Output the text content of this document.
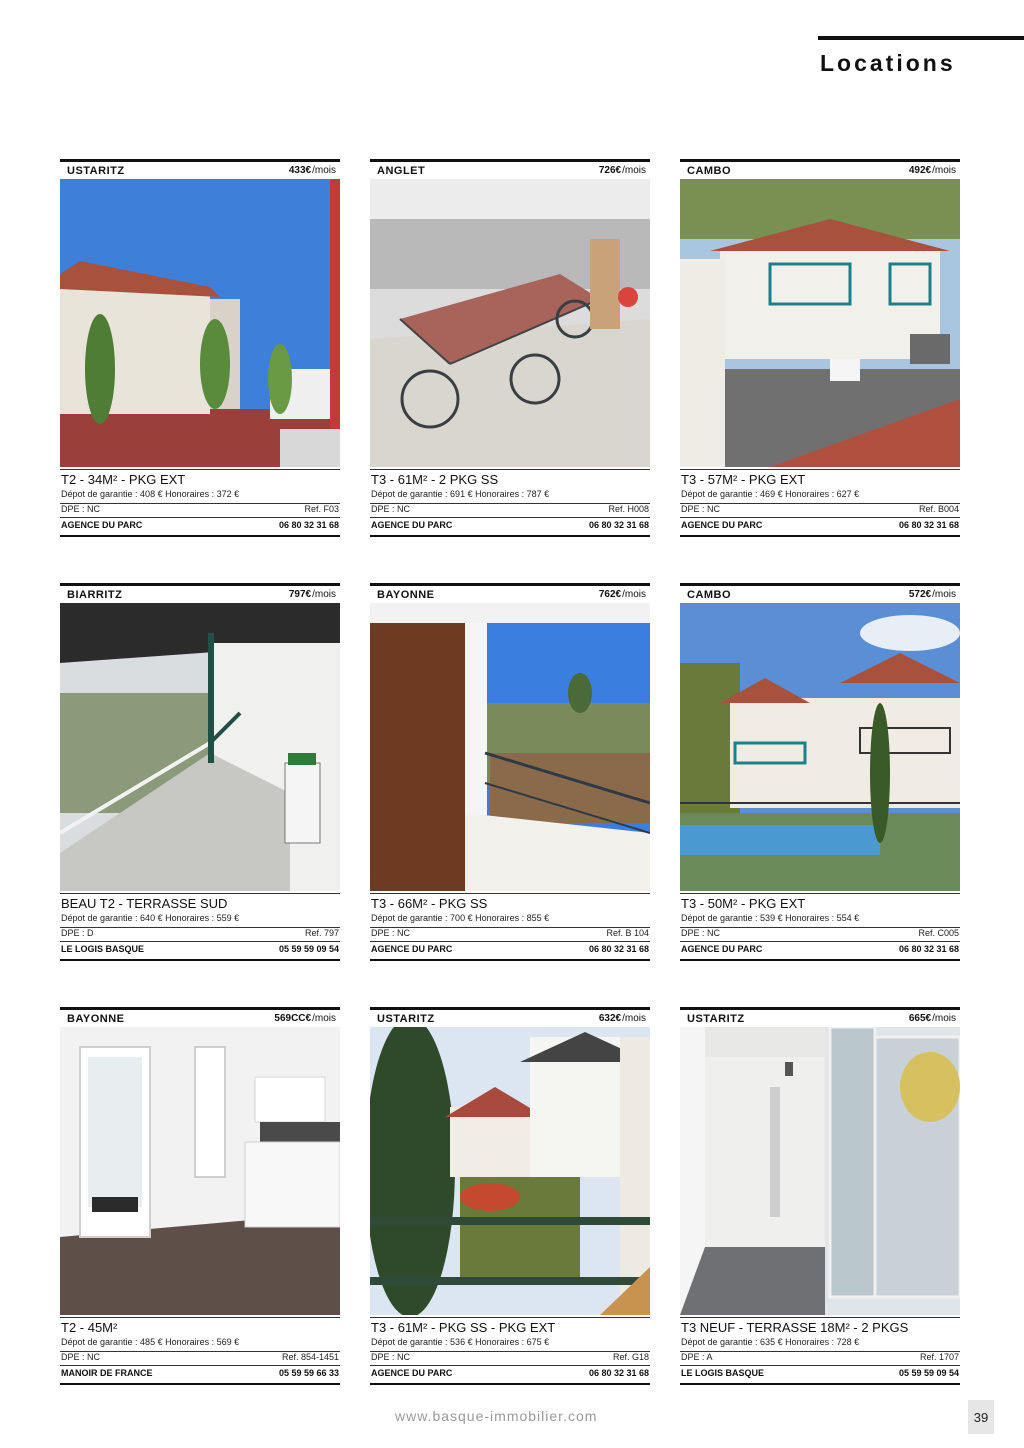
Locations
USTARITZ	433€/mois
T2 - 34M² - PKG EXT
Dépot de garantie : 408 € Honoraires : 372 €
DPE : NC	Ref. F03
AGENCE DU PARC	06 80 32 31 68
ANGLET	726€/mois
T3 - 61M² - 2 PKG SS
Dépot de garantie : 691 € Honoraires : 787 €
DPE : NC	Ref. H008
AGENCE DU PARC	06 80 32 31 68
CAMBO	492€/mois
T3 - 57M² - PKG EXT
Dépot de garantie : 469 € Honoraires : 627 €
DPE : NC	Ref. B004
AGENCE DU PARC	06 80 32 31 68
BIARRITZ	797€/mois
BEAU T2 - TERRASSE SUD
Dépot de garantie : 640 € Honoraires : 559 €
DPE : D	Ref. 797
LE LOGIS BASQUE	05 59 59 09 54
BAYONNE	762€/mois
T3 - 66M² - PKG SS
Dépot de garantie : 700 € Honoraires : 855 €
DPE : NC	Ref. B 104
AGENCE DU PARC	06 80 32 31 68
CAMBO	572€/mois
T3 - 50M² - PKG EXT
Dépot de garantie : 539 € Honoraires : 554 €
DPE : NC	Ref. C005
AGENCE DU PARC	06 80 32 31 68
BAYONNE	569CC€/mois
T2 - 45M²
Dépot de garantie : 485 € Honoraires : 569 €
DPE : NC	Ref. 854-1451
MANOIR DE FRANCE	05 59 59 66 33
USTARITZ	632€/mois
T3 - 61M² - PKG SS - PKG EXT
Dépot de garantie : 536 € Honoraires : 675 €
DPE : NC	Ref. G18
AGENCE DU PARC	06 80 32 31 68
USTARITZ	665€/mois
T3 NEUF - TERRASSE 18M² - 2 PKGS
Dépot de garantie : 635 € Honoraires : 728 €
DPE : A	Ref. 1707
LE LOGIS BASQUE	05 59 59 09 54
www.basque-immobilier.com	39
